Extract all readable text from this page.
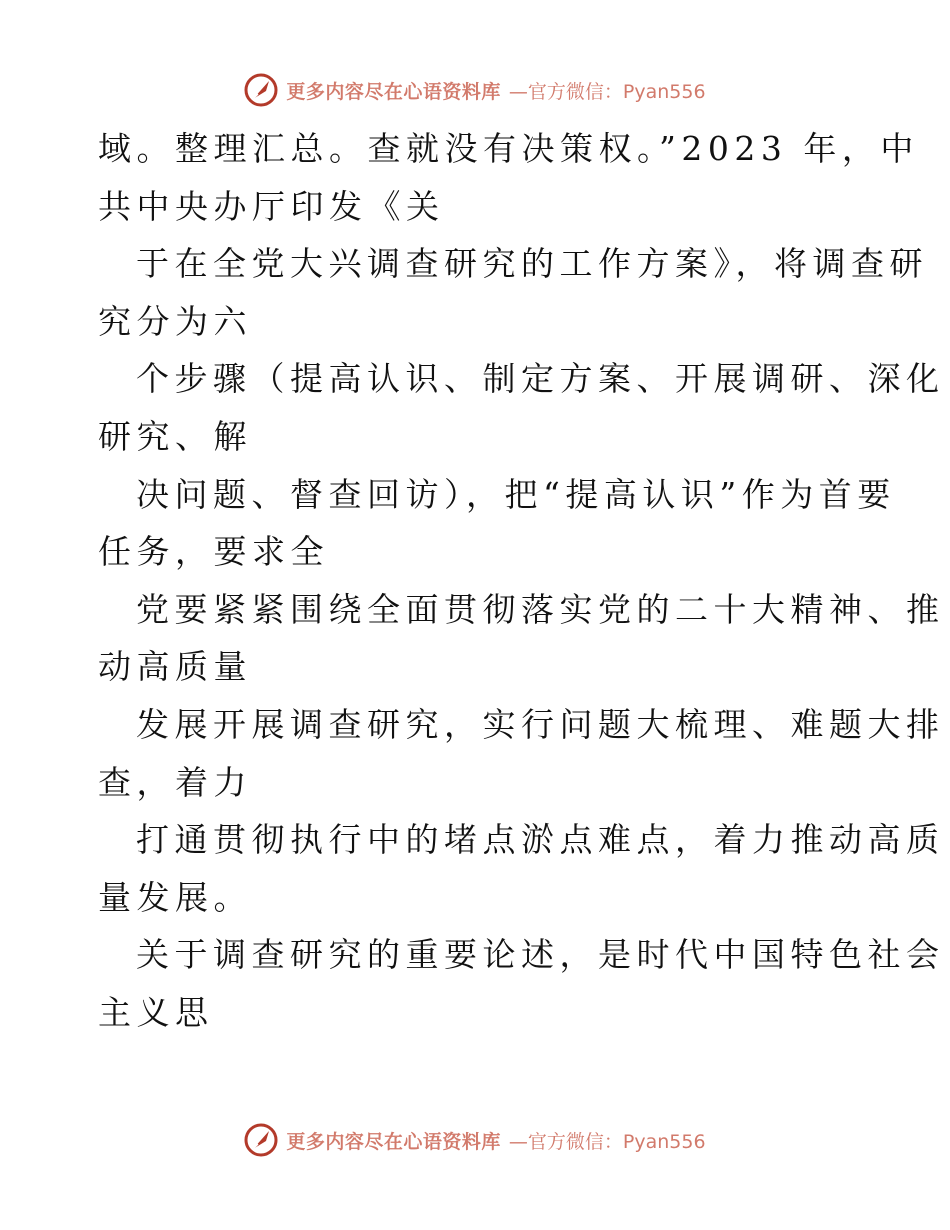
更多内容尽在心语资料库 —官方微信：Pyan556
域。整理汇总。查就没有决策权。”2023 年，中
共中央办厅印发《关
于在全党大兴调查研究的工作方案》，将调查研
究分为六
个步骤（提高认识、制定方案、开展调研、深化
研究、解
决问题、督查回访），把“提高认识”作为首要
任务，要求全
党要紧紧围绕全面贯彻落实党的二十大精神、推
动高质量
发展开展调查研究，实行问题大梳理、难题大排
查，着力
打通贯彻执行中的堵点淤点难点，着力推动高质
量发展。
关于调查研究的重要论述，是时代中国特色社会
主义思
更多内容尽在心语资料库 —官方微信：Pyan556
